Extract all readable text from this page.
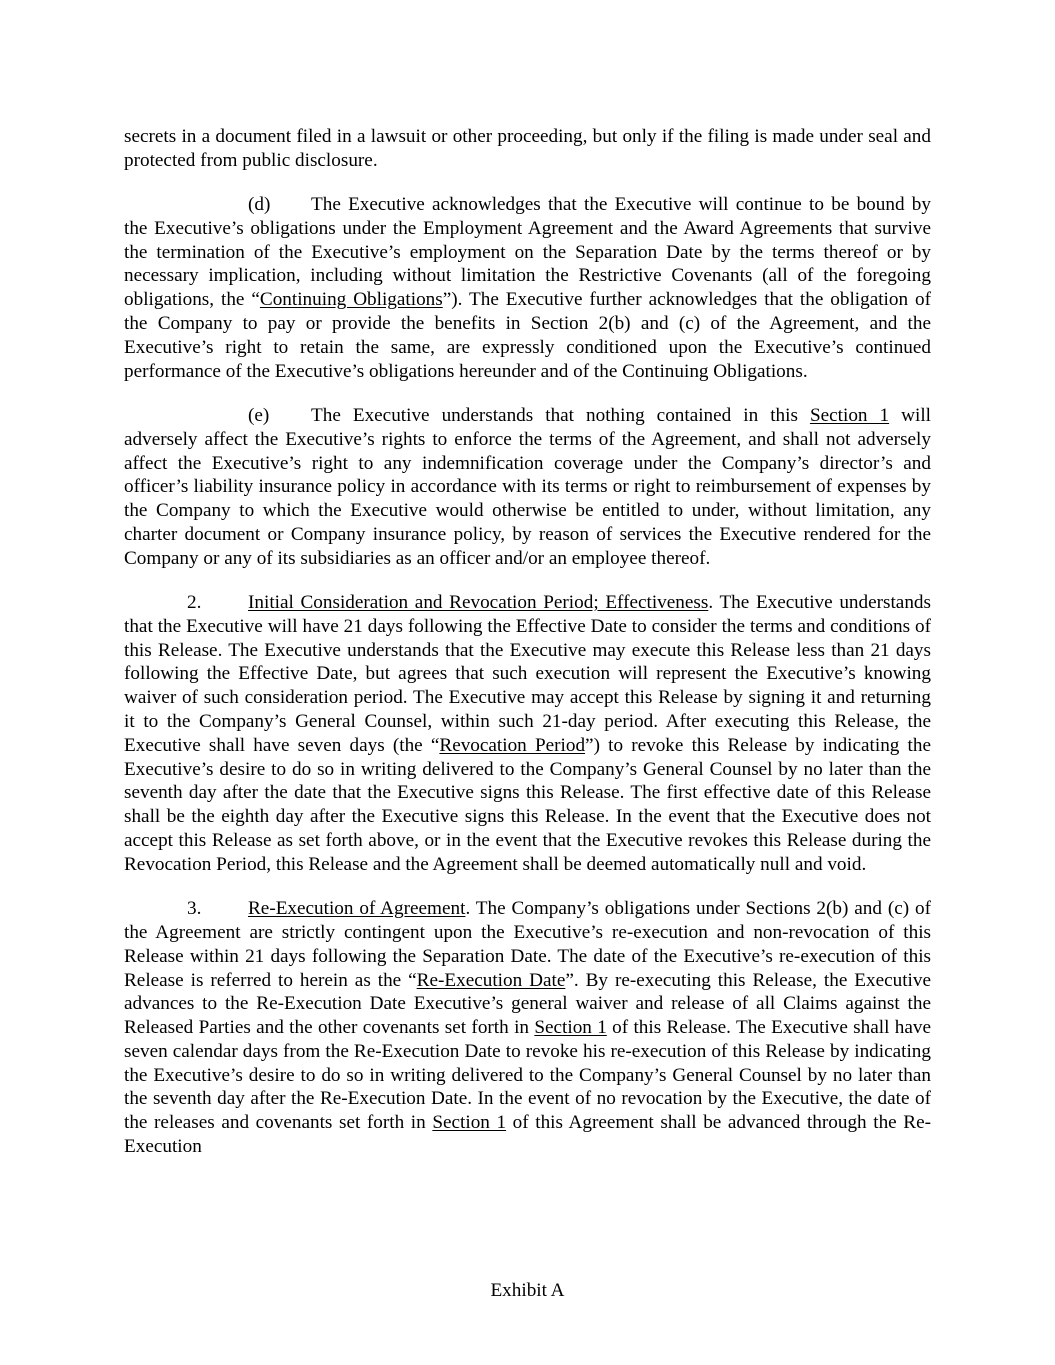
secrets in a document filed in a lawsuit or other proceeding, but only if the filing is made under seal and protected from public disclosure.

(d) The Executive acknowledges that the Executive will continue to be bound by the Executive’s obligations under the Employment Agreement and the Award Agreements that survive the termination of the Executive’s employment on the Separation Date by the terms thereof or by necessary implication, including without limitation the Restrictive Covenants (all of the foregoing obligations, the “Continuing Obligations”). The Executive further acknowledges that the obligation of the Company to pay or provide the benefits in Section 2(b) and (c) of the Agreement, and the Executive’s right to retain the same, are expressly conditioned upon the Executive’s continued performance of the Executive’s obligations hereunder and of the Continuing Obligations.

(e) The Executive understands that nothing contained in this Section 1 will adversely affect the Executive’s rights to enforce the terms of the Agreement, and shall not adversely affect the Executive’s right to any indemnification coverage under the Company’s director’s and officer’s liability insurance policy in accordance with its terms or right to reimbursement of expenses by the Company to which the Executive would otherwise be entitled to under, without limitation, any charter document or Company insurance policy, by reason of services the Executive rendered for the Company or any of its subsidiaries as an officer and/or an employee thereof.

2. Initial Consideration and Revocation Period; Effectiveness. The Executive understands that the Executive will have 21 days following the Effective Date to consider the terms and conditions of this Release. The Executive understands that the Executive may execute this Release less than 21 days following the Effective Date, but agrees that such execution will represent the Executive’s knowing waiver of such consideration period. The Executive may accept this Release by signing it and returning it to the Company’s General Counsel, within such 21-day period. After executing this Release, the Executive shall have seven days (the “Revocation Period”) to revoke this Release by indicating the Executive’s desire to do so in writing delivered to the Company’s General Counsel by no later than the seventh day after the date that the Executive signs this Release. The first effective date of this Release shall be the eighth day after the Executive signs this Release. In the event that the Executive does not accept this Release as set forth above, or in the event that the Executive revokes this Release during the Revocation Period, this Release and the Agreement shall be deemed automatically null and void.

3. Re-Execution of Agreement. The Company’s obligations under Sections 2(b) and (c) of the Agreement are strictly contingent upon the Executive’s re-execution and non-revocation of this Release within 21 days following the Separation Date. The date of the Executive’s re-execution of this Release is referred to herein as the “Re-Execution Date”. By re-executing this Release, the Executive advances to the Re-Execution Date Executive’s general waiver and release of all Claims against the Released Parties and the other covenants set forth in Section 1 of this Release. The Executive shall have seven calendar days from the Re-Execution Date to revoke his re-execution of this Release by indicating the Executive’s desire to do so in writing delivered to the Company’s General Counsel by no later than the seventh day after the Re-Execution Date. In the event of no revocation by the Executive, the date of the releases and covenants set forth in Section 1 of this Agreement shall be advanced through the Re-Execution

Exhibit A
